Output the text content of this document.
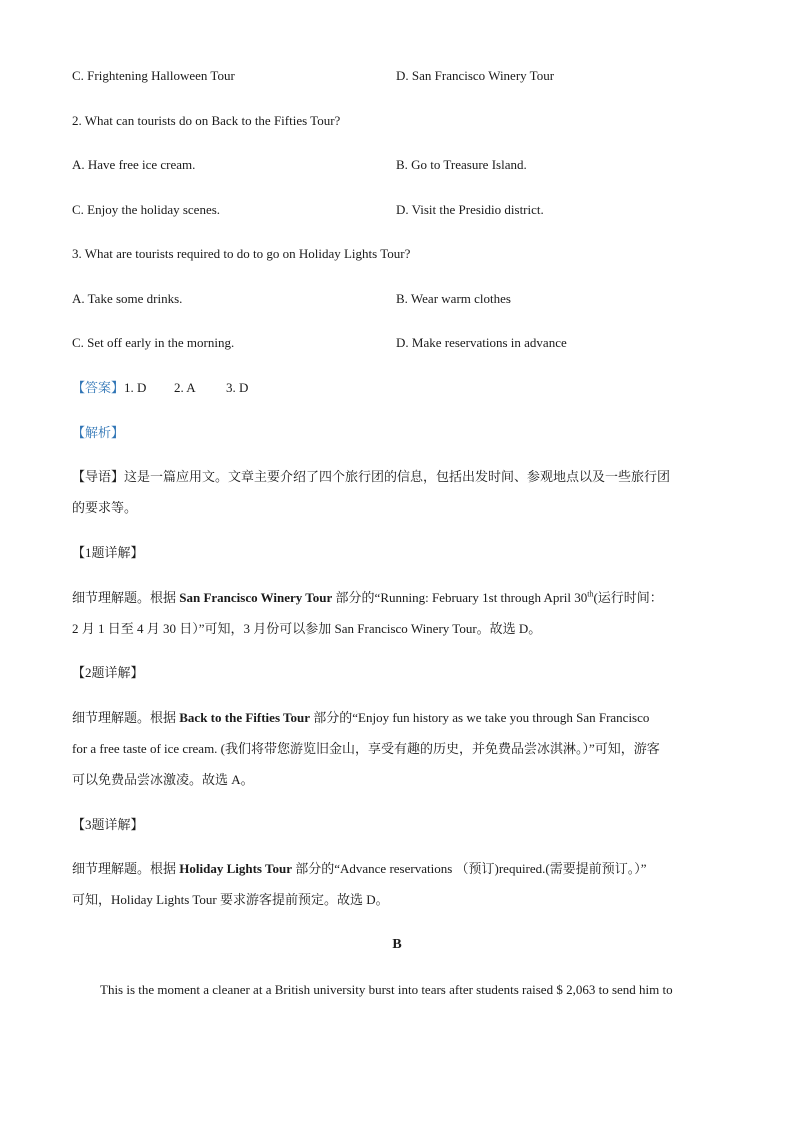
C. Frightening Halloween Tour	D. San Francisco Winery Tour
2. What can tourists do on Back to the Fifties Tour?
A. Have free ice cream.	B. Go to Treasure Island.
C. Enjoy the holiday scenes.	D. Visit the Presidio district.
3. What are tourists required to do to go on Holiday Lights Tour?
A. Take some drinks.	B. Wear warm clothes
C. Set off early in the morning.	D. Make reservations in advance
【答案】1. D 2. A 3. D
【解析】
【导语】这是一篇应用文。文章主要介绍了四个旅行团的信息，包括出发时间、参观地点以及一些旅行团
的要求等。
【1题详解】
细节理解题。根据 San Francisco Winery Tour 部分的“Running: February 1st through April 30th(运行时间：
2 月 1 日至 4 月 30 日）”可知，3 月份可以参加 San Francisco Winery Tour。故选 D。
【2题详解】
细节理解题。根据 Back to the Fifties Tour 部分的“Enjoy fun history as we take you through San Francisco
for a free taste of ice cream. (我们将带您游览旧金山，享受有趣的历史，并免费品尝冰淇淋。）”可知，游客
可以免费品尝冰激凌。故选 A。
【3题详解】
细节理解题。根据 Holiday Lights Tour 部分的“Advance reservations （预订)required.(需要提前预订。）”
可知，Holiday Lights Tour 要求游客提前预定。故选 D。
B
This is the moment a cleaner at a British university burst into tears after students raised $ 2,063 to send him to
